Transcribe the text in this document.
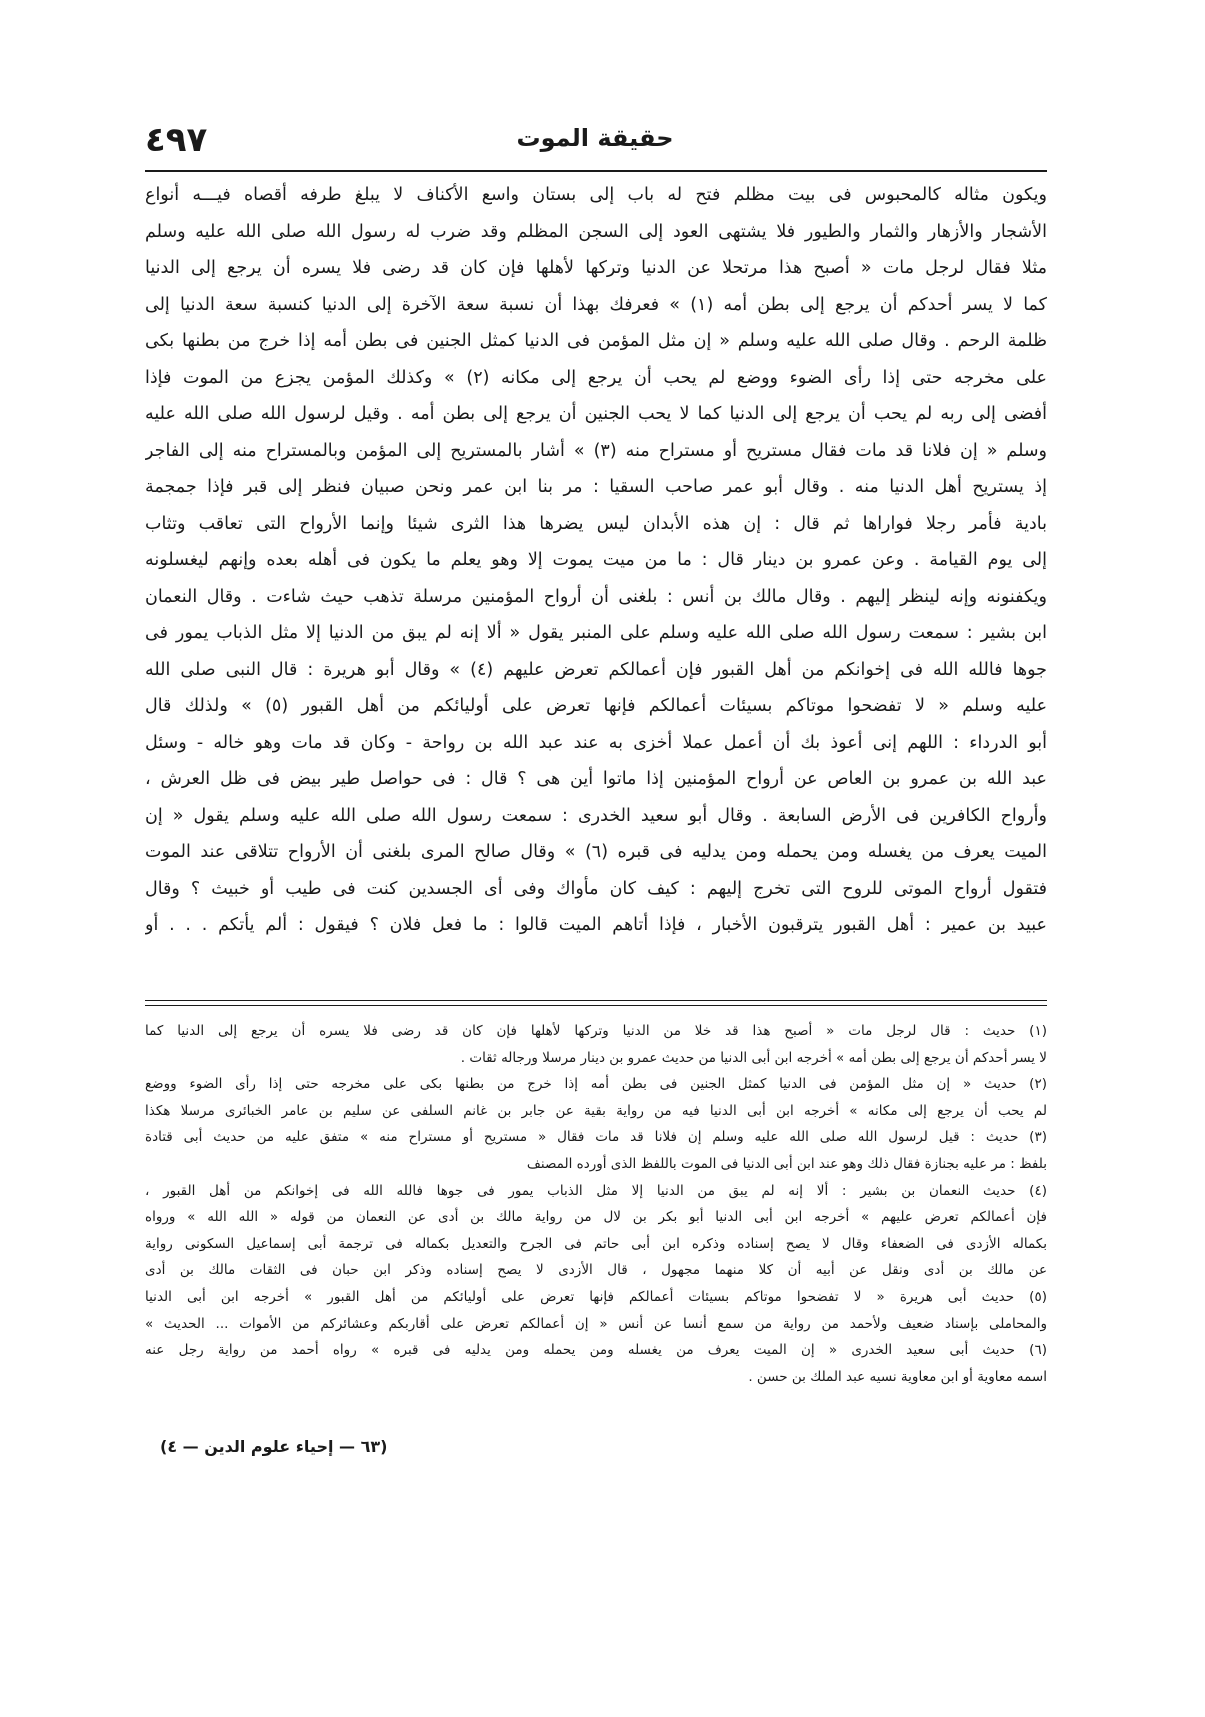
٤٩٧	حقيقة الموت
ويكون مثاله كالمحبوس فى بيت مظلم فتح له باب إلى بستان واسع الأكناف لا يبلغ طرفه أقصاه فيـــه أنواع
الأشجار والأزهار والثمار والطيور فلا يشتهى العود إلى السجن المظلم وقد ضرب له رسول الله صلى الله عليه وسلم
مثلا فقال لرجل مات « أصبح هذا مرتحلا عن الدنيا وتركها لأهلها فإن كان قد رضى فلا يسره أن يرجع إلى الدنيا
كما لا يسر أحدكم أن يرجع إلى بطن أمه (١) » فعرفك بهذا أن نسبة سعة الآخرة إلى الدنيا كنسبة سعة الدنيا إلى
ظلمة الرحم . وقال صلى الله عليه وسلم « إن مثل المؤمن فى الدنيا كمثل الجنين فى بطن أمه إذا خرج من بطنها بكى
على مخرجه حتى إذا رأى الضوء ووضع لم يحب أن يرجع إلى مكانه (٢) » وكذلك المؤمن يجزع من الموت فإذا
أفضى إلى ربه لم يحب أن يرجع إلى الدنيا كما لا يحب الجنين أن يرجع إلى بطن أمه . وقيل لرسول الله صلى الله عليه
وسلم « إن فلانا قد مات فقال مستريح أو مستراح منه (٣) » أشار بالمستريح إلى المؤمن وبالمستراح منه إلى الفاجر
إذ يستريح أهل الدنيا منه . وقال أبو عمر صاحب السقيا : مر بنا ابن عمر ونحن صبيان فنظر إلى قبر فإذا جمجمة
بادية فأمر رجلا فواراها ثم قال : إن هذه الأبدان ليس يضرها هذا الثرى شيئا وإنما الأرواح التى تعاقب وتثاب
إلى يوم القيامة . وعن عمرو بن دينار قال : ما من ميت يموت إلا وهو يعلم ما يكون فى أهله بعده وإنهم ليغسلونه
ويكفنونه وإنه لينظر إليهم . وقال مالك بن أنس : بلغنى أن أرواح المؤمنين مرسلة تذهب حيث شاءت . وقال النعمان
ابن بشير : سمعت رسول الله صلى الله عليه وسلم على المنبر يقول « ألا إنه لم يبق من الدنيا إلا مثل الذباب يمور فى
جوها فالله الله فى إخوانكم من أهل القبور فإن أعمالكم تعرض عليهم (٤) » وقال أبو هريرة : قال النبى صلى الله
عليه وسلم « لا تفضحوا موتاكم بسيئات أعمالكم فإنها تعرض على أوليائكم من أهل القبور (٥) » ولذلك قال
أبو الدرداء : اللهم إنى أعوذ بك أن أعمل عملا أخزى به عند عبد الله بن رواحة - وكان قد مات وهو خاله - وسئل
عبد الله بن عمرو بن العاص عن أرواح المؤمنين إذا ماتوا أين هى ؟ قال : فى حواصل طير بيض فى ظل العرش ،
وأرواح الكافرين فى الأرض السابعة . وقال أبو سعيد الخدرى : سمعت رسول الله صلى الله عليه وسلم يقول « إن
الميت يعرف من يغسله ومن يحمله ومن يدليه فى قبره (٦) » وقال صالح المرى بلغنى أن الأرواح تتلاقى عند الموت
فتقول أرواح الموتى للروح التى تخرج إليهم : كيف كان مأواك وفى أى الجسدين كنت فى طيب أو خبيث ؟ وقال
عبيد بن عمير : أهل القبور يترقبون الأخبار ، فإذا أتاهم الميت قالوا : ما فعل فلان ؟ فيقول : ألم يأتكم . . . أو
(١) حديث : قال لرجل مات « أصبح هذا قد خلا من الدنيا وتركها لأهلها فإن كان قد رضى فلا يسره أن يرجع إلى الدنيا كما
لا يسر أحدكم أن يرجع إلى بطن أمه » أخرجه ابن أبى الدنيا من حديث عمرو بن دينار مرسلا ورجاله ثقات .
(٢) حديث « إن مثل المؤمن فى الدنيا كمثل الجنين فى بطن أمه إذا خرج من بطنها بكى على مخرجه حتى إذا رأى الضوء ووضع
لم يحب أن يرجع إلى مكانه » أخرجه ابن أبى الدنيا فيه من رواية بقية عن جابر بن غانم السلفى عن سليم بن عامر الخبائرى مرسلا هكذا
(٣) حديث : قيل لرسول الله صلى الله عليه وسلم إن فلانا قد مات فقال « مستريح أو مستراح منه » متفق عليه من حديث أبى قتادة
بلفظ : مر عليه بجنازة فقال ذلك وهو عند ابن أبى الدنيا فى الموت باللفظ الذى أورده المصنف
(٤) حديث النعمان بن بشير : ألا إنه لم يبق من الدنيا إلا مثل الذباب يمور فى جوها فالله الله فى إخوانكم من أهل القبور ،
فإن أعمالكم تعرض عليهم » أخرجه ابن أبى الدنيا أبو بكر بن لال من رواية مالك بن أدى عن النعمان من قوله « الله الله » ورواه
بكماله الأزدى فى الضعفاء وقال لا يصح إسناده وذكره ابن أبى حاتم فى الجرح والتعديل بكماله فى ترجمة أبى إسماعيل السكونى رواية
عن مالك بن أدى ونقل عن أبيه أن كلا منهما مجهول ، قال الأزدى لا يصح إسناده وذكر ابن حبان فى الثقات مالك بن أدى
(٥) حديث أبى هريرة « لا تفضحوا موتاكم بسيئات أعمالكم فإنها تعرض على أوليائكم من أهل القبور » أخرجه ابن أبى الدنيا
والمحاملى بإسناد ضعيف ولأحمد من رواية من سمع أنسا عن أنس « إن أعمالكم تعرض على أقاربكم وعشائركم من الأموات ... الحديث »
(٦) حديث أبى سعيد الخدرى « إن الميت يعرف من يغسله ومن يحمله ومن يدليه فى قبره » رواه أحمد من رواية رجل عنه
اسمه معاوية أو ابن معاوية نسيه عبد الملك بن حسن .
(٦٣ — إحياء علوم الدين — ٤)
